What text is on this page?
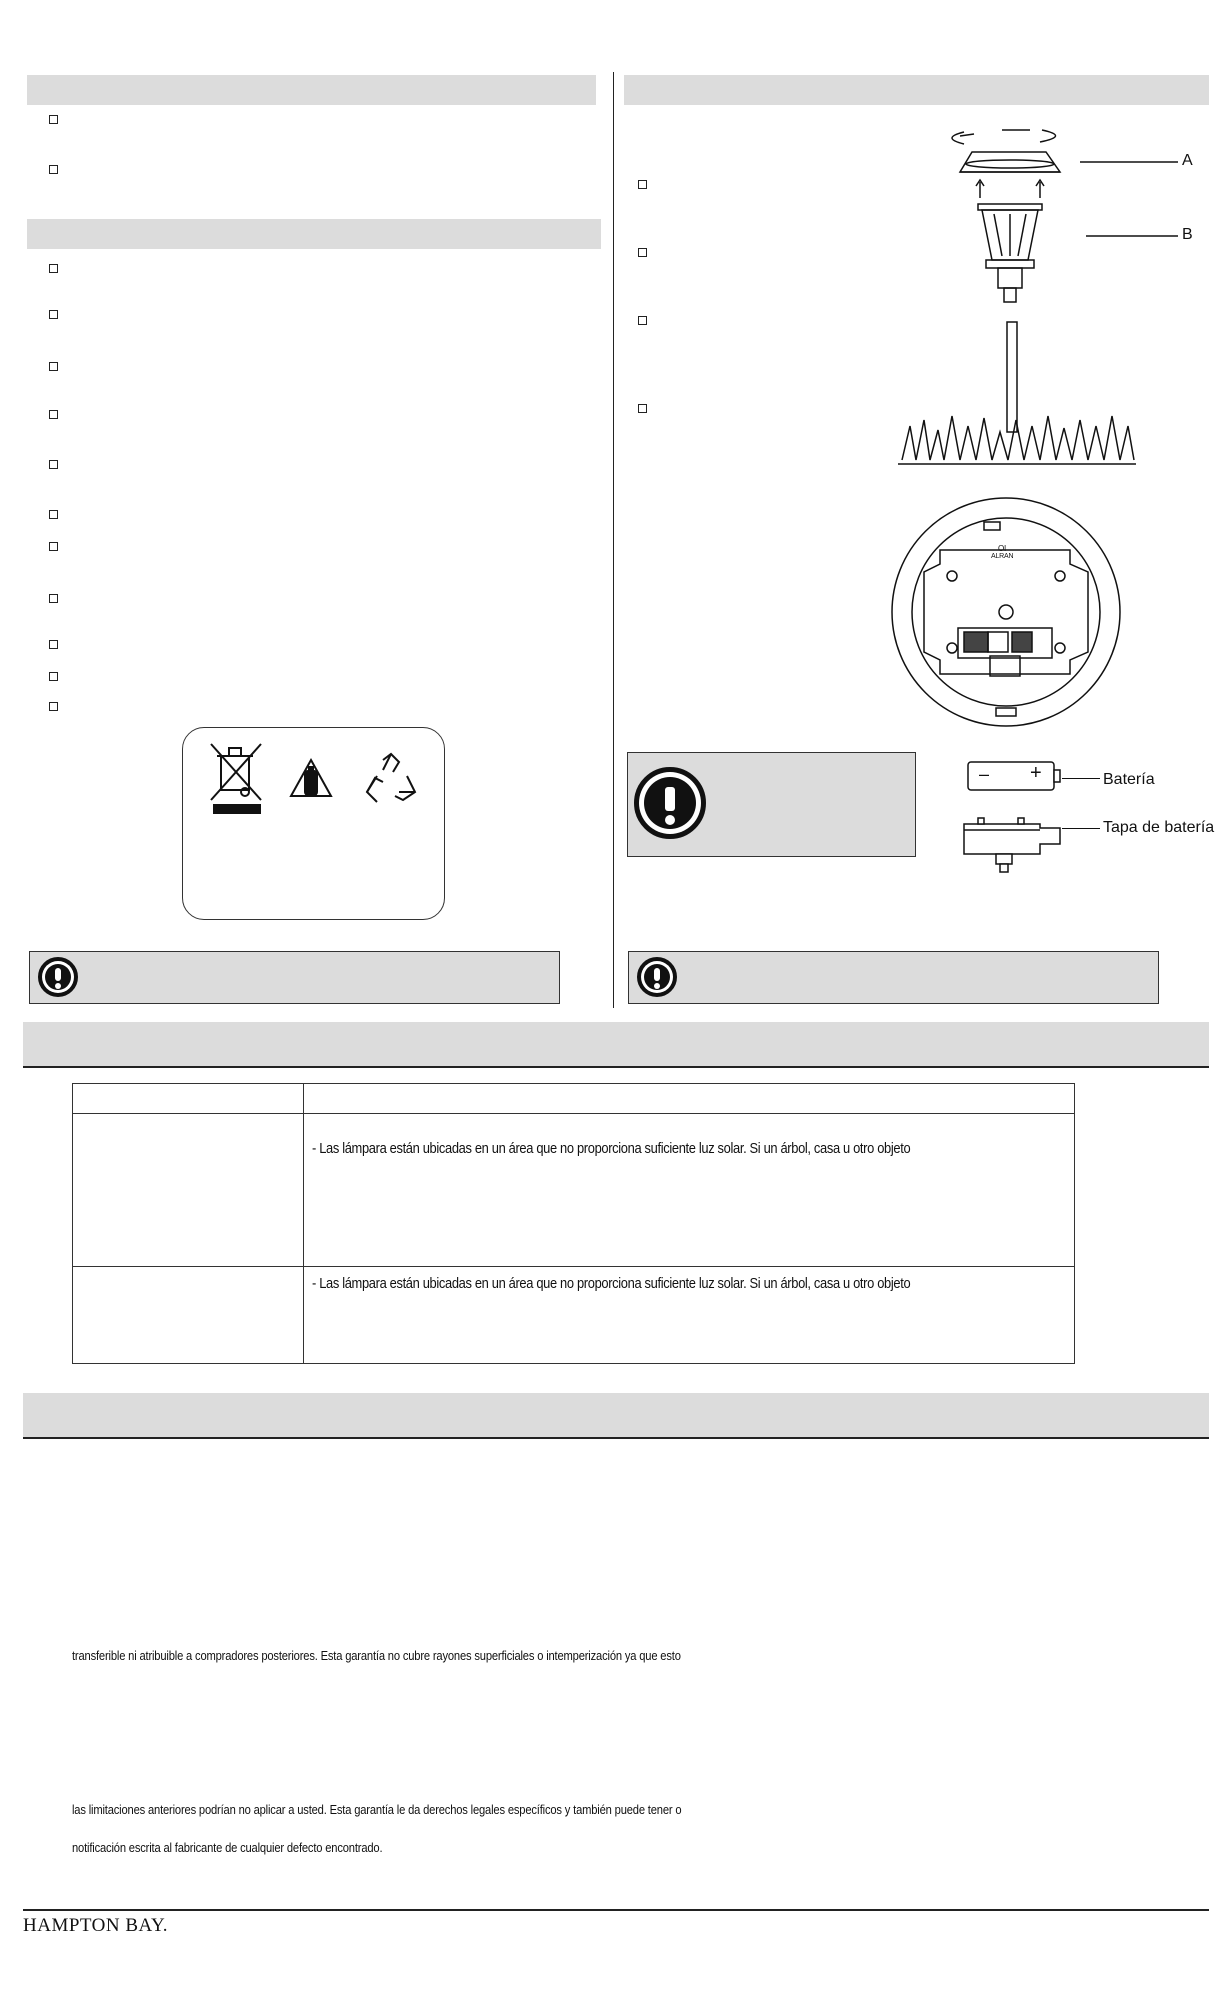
A
B
OI
ALRAN
– +	Batería
Tapa de batería

	- Las lámpara están ubicadas en un área que no proporciona suficiente luz solar. Si un árbol, casa u otro objeto
	- Las lámpara están ubicadas en un área que no proporciona suficiente luz solar. Si un árbol, casa u otro objeto
transferible ni atribuible a compradores posteriores. Esta garantía no cubre rayones superficiales o intemperización ya que esto
las limitaciones anteriores podrían no aplicar a usted. Esta garantía le da derechos legales específicos y también puede tener o
notificación escrita al fabricante de cualquier defecto encontrado.
HAMPTON BAY.
